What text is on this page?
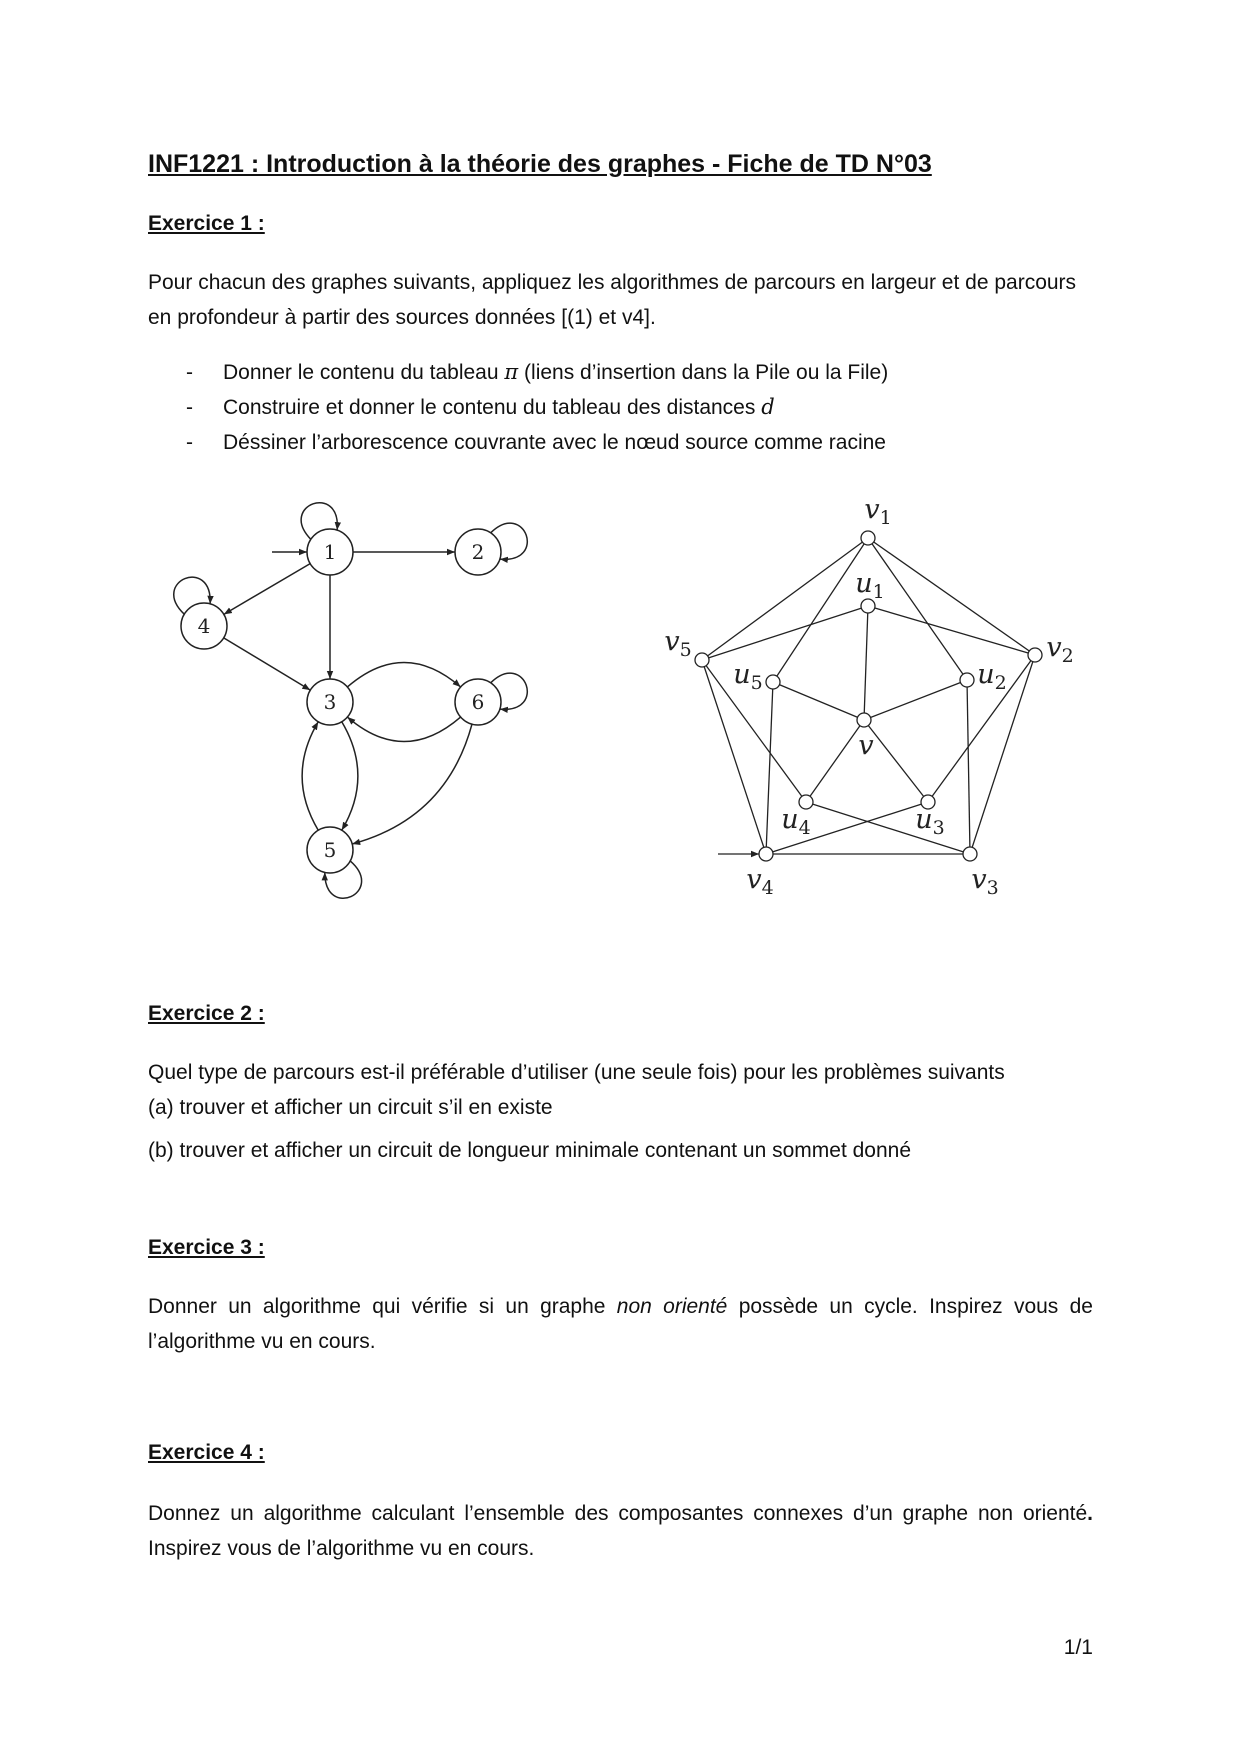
INF1221 : Introduction à la théorie des graphes - Fiche de TD N°03
Exercice 1 :
Pour chacun des graphes suivants, appliquez les algorithmes de parcours en largeur et de parcours en profondeur à partir des sources données [(1) et v4].
- Donner le contenu du tableau π (liens d’insertion dans la Pile ou la File)
- Construire et donner le contenu du tableau des distances d
- Déssiner l’arborescence couvrante avec le nœud source comme racine
Exercice 2 :
Quel type de parcours est-il préférable d’utiliser (une seule fois) pour les problèmes suivants
(a) trouver et afficher un circuit s’il en existe
(b) trouver et afficher un circuit de longueur minimale contenant un sommet donné
Exercice 3 :
Donner un algorithme qui vérifie si un graphe non orienté possède un cycle. Inspirez vous de l’algorithme vu en cours.
Exercice 4 :
Donnez un algorithme calculant l’ensemble des composantes connexes d’un graphe non orienté. Inspirez vous de l’algorithme vu en cours.
1/1
1	2
3
4
5
6
$v_1$
$v_2$
$v_3$
$v_4$
$v_5$
$u_1$
$u_2$
$u_3$
$u_4$
$u_5$
v
